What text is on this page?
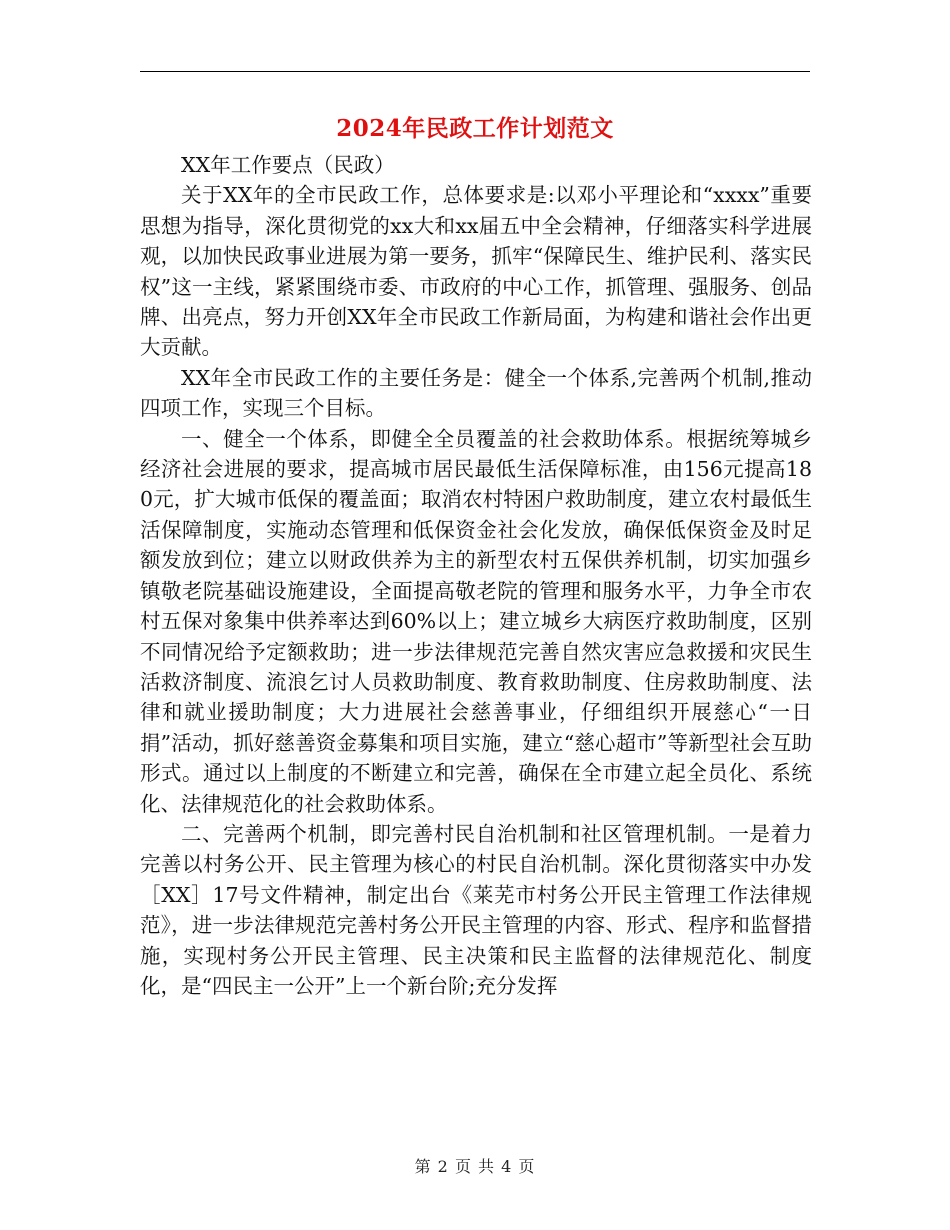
2024年民政工作计划范文

XX年工作要点（民政）

关于XX年的全市民政工作，总体要求是:以邓小平理论和“xxxx”重要思想为指导，深化贯彻党的xx大和xx届五中全会精神，仔细落实科学进展观，以加快民政事业进展为第一要务，抓牢“保障民生、维护民利、落实民权”这一主线，紧紧围绕市委、市政府的中心工作，抓管理、强服务、创品牌、出亮点，努力开创XX年全市民政工作新局面，为构建和谐社会作出更大贡献。

XX年全市民政工作的主要任务是：健全一个体系,完善两个机制,推动四项工作，实现三个目标。

一、健全一个体系，即健全全员覆盖的社会救助体系。根据统筹城乡经济社会进展的要求，提高城市居民最低生活保障标准，由156元提高180元，扩大城市低保的覆盖面；取消农村特困户救助制度，建立农村最低生活保障制度，实施动态管理和低保资金社会化发放，确保低保资金及时足额发放到位；建立以财政供养为主的新型农村五保供养机制，切实加强乡镇敬老院基础设施建设，全面提高敬老院的管理和服务水平，力争全市农村五保对象集中供养率达到60%以上；建立城乡大病医疗救助制度，区别不同情况给予定额救助；进一步法律规范完善自然灾害应急救援和灾民生活救济制度、流浪乞讨人员救助制度、教育救助制度、住房救助制度、法律和就业援助制度；大力进展社会慈善事业，仔细组织开展慈心“一日捐”活动，抓好慈善资金募集和项目实施，建立“慈心超市”等新型社会互助形式。通过以上制度的不断建立和完善，确保在全市建立起全员化、系统化、法律规范化的社会救助体系。

二、完善两个机制，即完善村民自治机制和社区管理机制。一是着力完善以村务公开、民主管理为核心的村民自治机制。深化贯彻落实中办发［XX］17号文件精神，制定出台《莱芜市村务公开民主管理工作法律规范》，进一步法律规范完善村务公开民主管理的内容、形式、程序和监督措施，实现村务公开民主管理、民主决策和民主监督的法律规范化、制度化，是“四民主一公开”上一个新台阶;充分发挥

第 2 页 共 4 页
